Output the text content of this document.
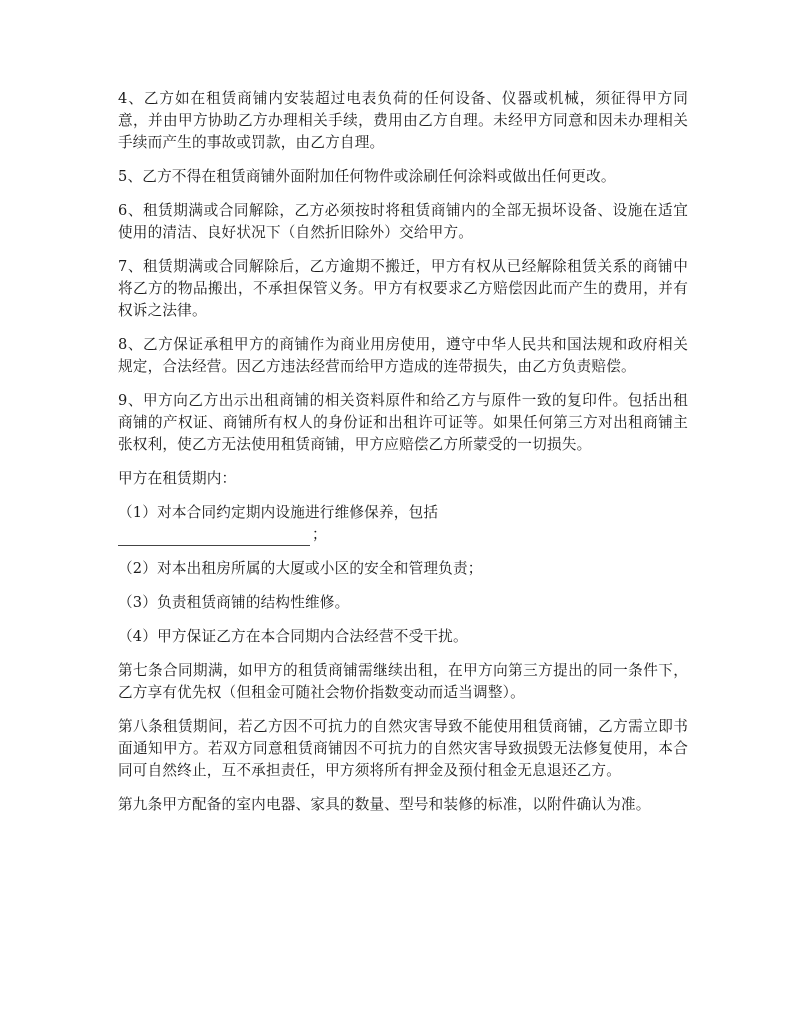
4、乙方如在租赁商铺内安装超过电表负荷的任何设备、仪器或机械，须征得甲方同意，并由甲方协助乙方办理相关手续，费用由乙方自理。未经甲方同意和因未办理相关手续而产生的事故或罚款，由乙方自理。

5、乙方不得在租赁商铺外面附加任何物件或涂刷任何涂料或做出任何更改。

6、租赁期满或合同解除，乙方必须按时将租赁商铺内的全部无损坏设备、设施在适宜使用的清洁、良好状况下（自然折旧除外）交给甲方。

7、租赁期满或合同解除后，乙方逾期不搬迁，甲方有权从已经解除租赁关系的商铺中将乙方的物品搬出，不承担保管义务。甲方有权要求乙方赔偿因此而产生的费用，并有权诉之法律。

8、乙方保证承租甲方的商铺作为商业用房使用，遵守中华人民共和国法规和政府相关规定，合法经营。因乙方违法经营而给甲方造成的连带损失，由乙方负责赔偿。

9、甲方向乙方出示出租商铺的相关资料原件和给乙方与原件一致的复印件。包括出租商铺的产权证、商铺所有权人的身份证和出租许可证等。如果任何第三方对出租商铺主张权利，使乙方无法使用租赁商铺，甲方应赔偿乙方所蒙受的一切损失。

甲方在租赁期内：

（1）对本合同约定期内设施进行维修保养，包括
；

（2）对本出租房所属的大厦或小区的安全和管理负责；

（3）负责租赁商铺的结构性维修。

（4）甲方保证乙方在本合同期内合法经营不受干扰。

第七条合同期满，如甲方的租赁商铺需继续出租，在甲方向第三方提出的同一条件下，乙方享有优先权（但租金可随社会物价指数变动而适当调整）。

第八条租赁期间，若乙方因不可抗力的自然灾害导致不能使用租赁商铺，乙方需立即书面通知甲方。若双方同意租赁商铺因不可抗力的自然灾害导致损毁无法修复使用，本合同可自然终止，互不承担责任，甲方须将所有押金及预付租金无息退还乙方。

第九条甲方配备的室内电器、家具的数量、型号和装修的标准，以附件确认为准。
